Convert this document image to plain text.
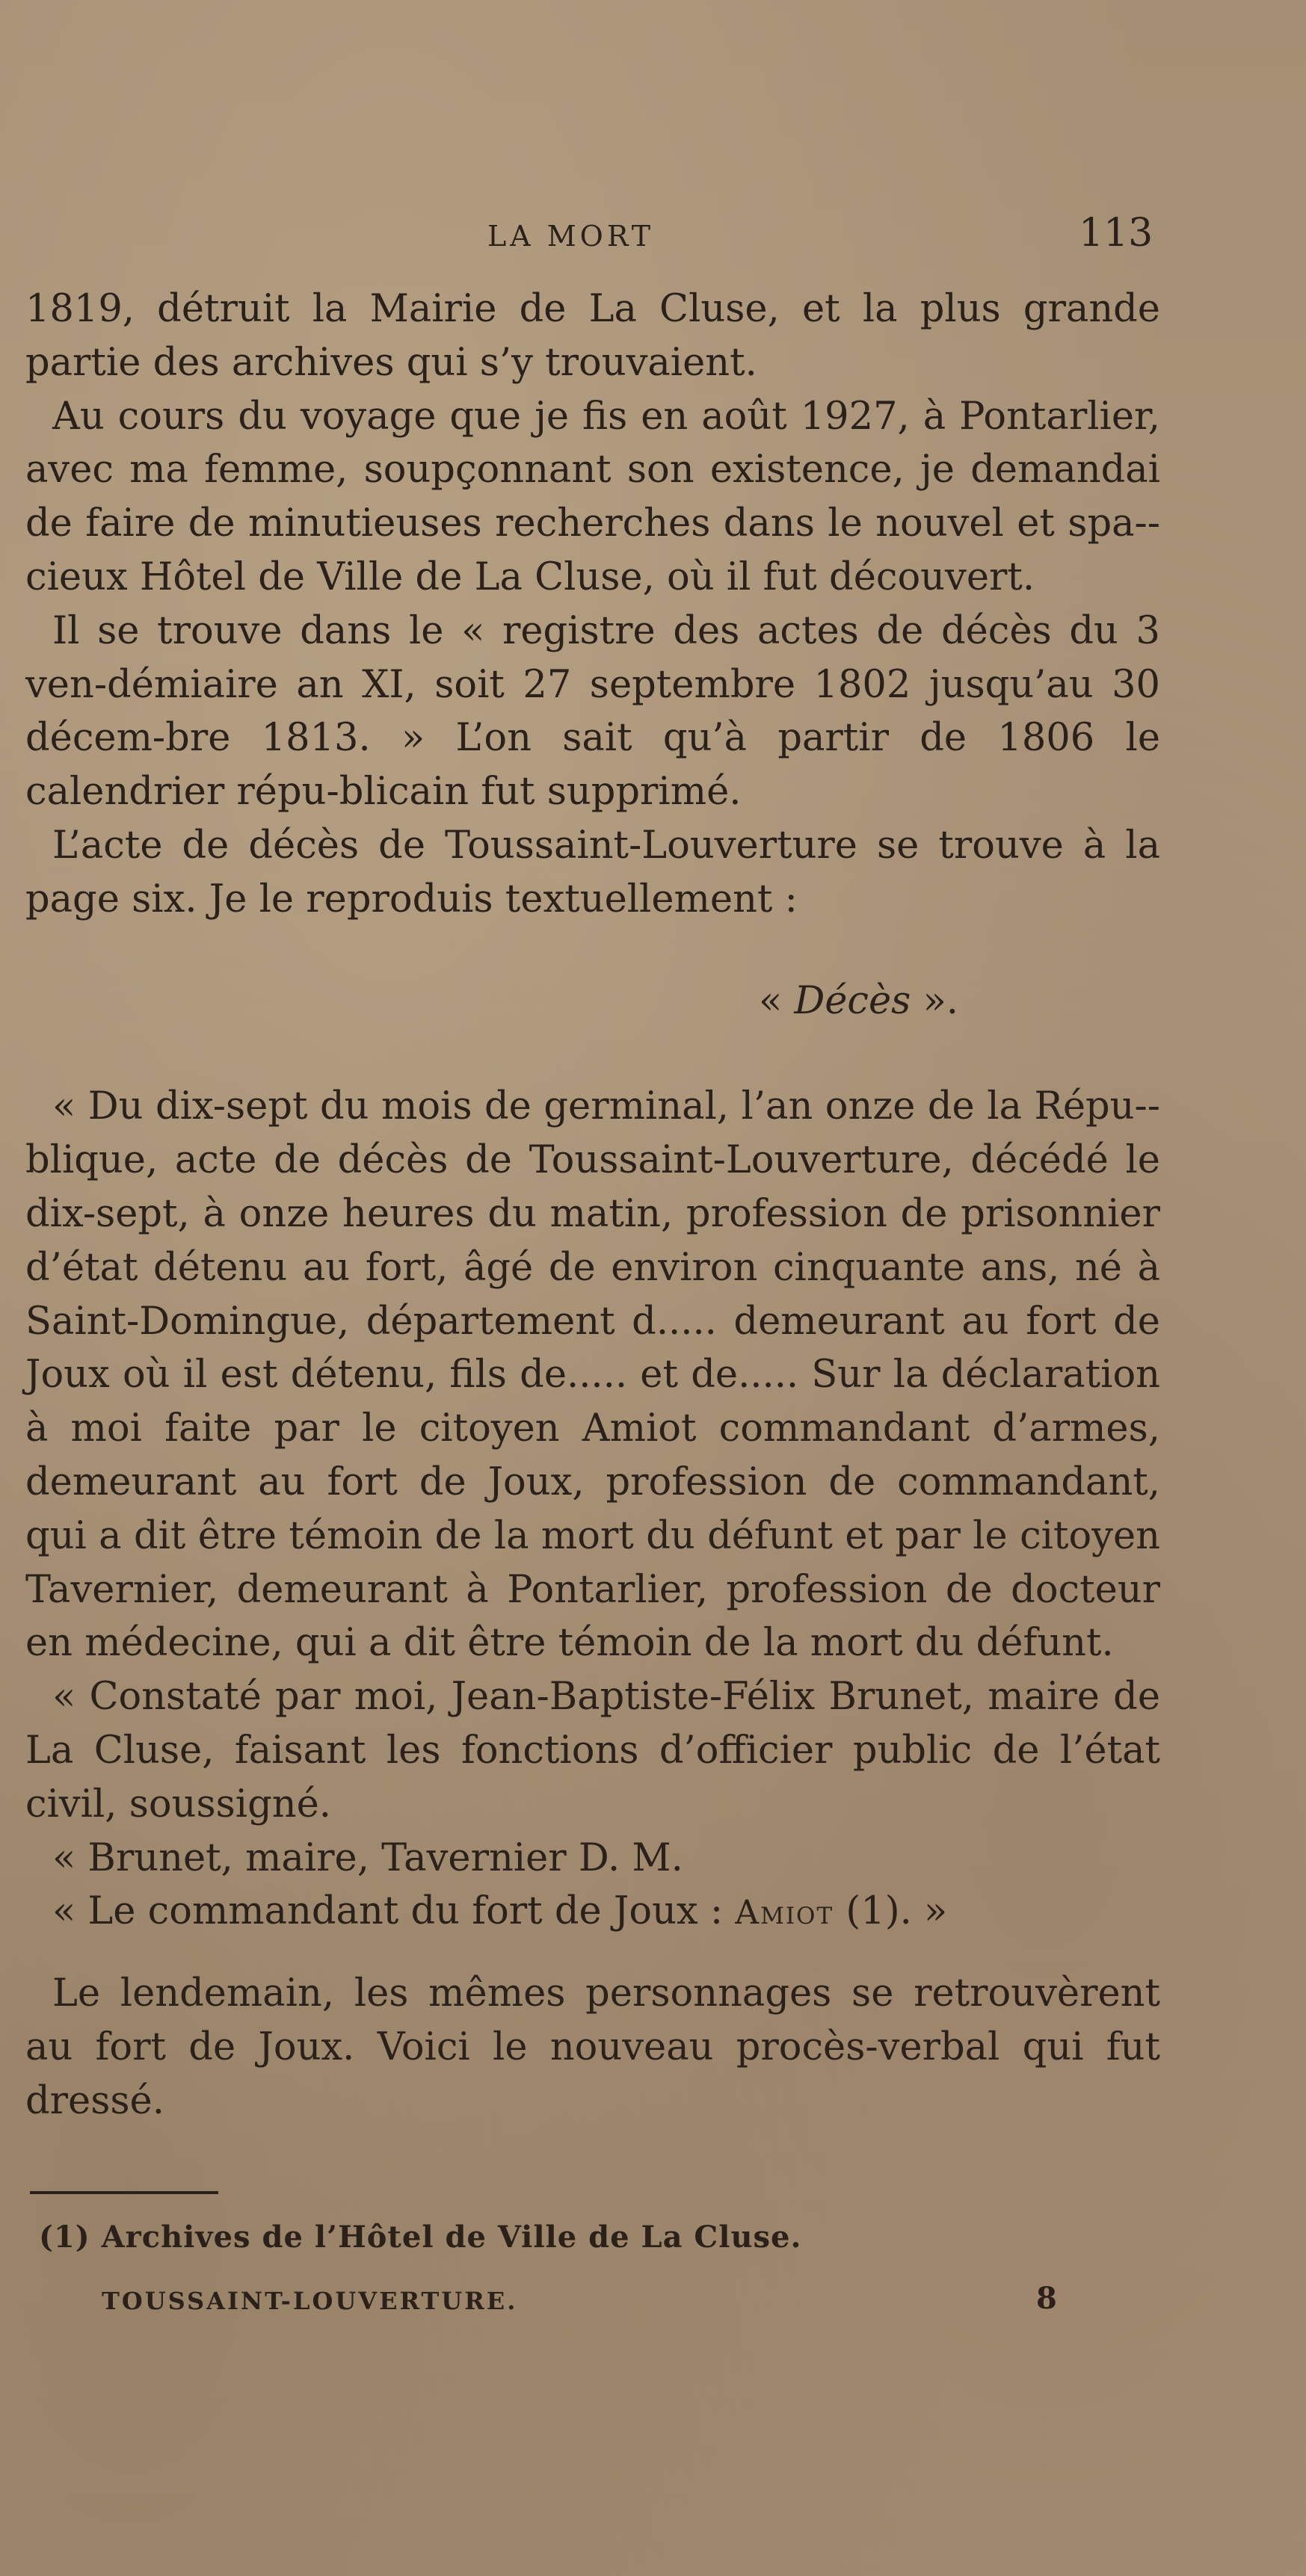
LA MORT	113

1819, détruit la Mairie de La Cluse, et la plus grande partie des archives qui s’y trouvaient.

Au cours du voyage que je fis en août 1927, à Pontarlier, avec ma femme, soupçonnant son existence, je demandai de faire de minutieuses recherches dans le nouvel et spa-cieux Hôtel de Ville de La Cluse, où il fut découvert.

Il se trouve dans le « registre des actes de décès du 3 ven-démiaire an XI, soit 27 septembre 1802 jusqu’au 30 décem-bre 1813. » L’on sait qu’à partir de 1806 le calendrier répu-blicain fut supprimé.

L’acte de décès de Toussaint-Louverture se trouve à la page six. Je le reproduis textuellement :

« Décès ».

« Du dix-sept du mois de germinal, l’an onze de la Répu-blique, acte de décès de Toussaint-Louverture, décédé le dix-sept, à onze heures du matin, profession de prisonnier d’état détenu au fort, âgé de environ cinquante ans, né à Saint-Domingue, département d..... demeurant au fort de Joux où il est détenu, fils de..... et de..... Sur la déclaration à moi faite par le citoyen Amiot commandant d’armes, demeurant au fort de Joux, profession de commandant, qui a dit être témoin de la mort du défunt et par le citoyen Tavernier, demeurant à Pontarlier, profession de docteur en médecine, qui a dit être témoin de la mort du défunt.

« Constaté par moi, Jean-Baptiste-Félix Brunet, maire de La Cluse, faisant les fonctions d’officier public de l’état civil, soussigné.

« Brunet, maire, Tavernier D. M.

« Le commandant du fort de Joux : Amiot (1). »

Le lendemain, les mêmes personnages se retrouvèrent au fort de Joux. Voici le nouveau procès-verbal qui fut dressé.

(1) Archives de l’Hôtel de Ville de La Cluse.
TOUSSAINT-LOUVERTURE.	8
